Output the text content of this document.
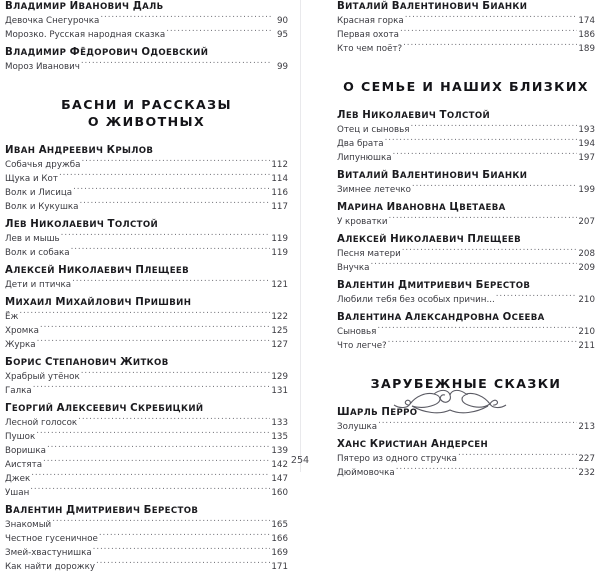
ВЛАДИМИР ИВАНОВИЧ ДАЛЬ
Девочка Снегурочка .....	90
Морозко. Русская народная сказка .....	95
ВЛАДИМИР ФЁДОРОВИЧ ОДОЕВСКИЙ
Мороз Иванович .....	99
БАСНИ И РАССКАЗЫ
О ЖИВОТНЫХ
ИВАН АНДРЕЕВИЧ КРЫЛОВ
Собачья дружба .....	112
Щука и Кот .....	114
Волк и Лисица .....	116
Волк и Кукушка .....	117
ЛЕВ НИКОЛАЕВИЧ ТОЛСТОЙ
Лев и мышь .....	119
Волк и собака .....	119
АЛЕКСЕЙ НИКОЛАЕВИЧ ПЛЕЩЕЕВ
Дети и птичка .....	121
МИХАИЛ МИХАЙЛОВИЧ ПРИШВИН
Ёж .....	122
Хромка .....	125
Журка .....	127
БОРИС СТЕПАНОВИЧ ЖИТКОВ
Храбрый утёнок .....	129
Галка .....	131
ГЕОРГИЙ АЛЕКСЕЕВИЧ СКРЕБИЦКИЙ
Лесной голосок .....	133
Пушок .....	135
Воришка .....	139
Аистята .....	142
Джек .....	147
Ушан .....	160
ВАЛЕНТИН ДМИТРИЕВИЧ БЕРЕСТОВ
Знакомый .....	165
Честное гусеничное .....	166
Змей-хвастунишка .....	169
Как найти дорожку .....	171
ВИТАЛИЙ ВАЛЕНТИНОВИЧ БИАНКИ
Красная горка .....	174
Первая охота .....	186
Кто чем поёт? .....	189
О СЕМЬЕ И НАШИХ БЛИЗКИХ
ЛЕВ НИКОЛАЕВИЧ ТОЛСТОЙ
Отец и сыновья .....	193
Два брата .....	194
Липунюшка .....	197
ВИТАЛИЙ ВАЛЕНТИНОВИЧ БИАНКИ
Зимнее летечко .....	199
МАРИНА ИВАНОВНА ЦВЕТАЕВА
У кроватки .....	207
АЛЕКСЕЙ НИКОЛАЕВИЧ ПЛЕЩЕЕВ
Песня матери .....	208
Внучка .....	209
ВАЛЕНТИН ДМИТРИЕВИЧ БЕРЕСТОВ
Любили тебя без особых причин... .....	210
ВАЛЕНТИНА АЛЕКСАНДРОВНА ОСЕЕВА
Сыновья .....	210
Что легче? .....	211
ЗАРУБЕЖНЫЕ СКАЗКИ
ШАРЛЬ ПЕРРО
Золушка .....	213
ХАНС КРИСТИАН АНДЕРСЕН
Пятеро из одного стручка .....	227
Дюймовочка .....	232
254
